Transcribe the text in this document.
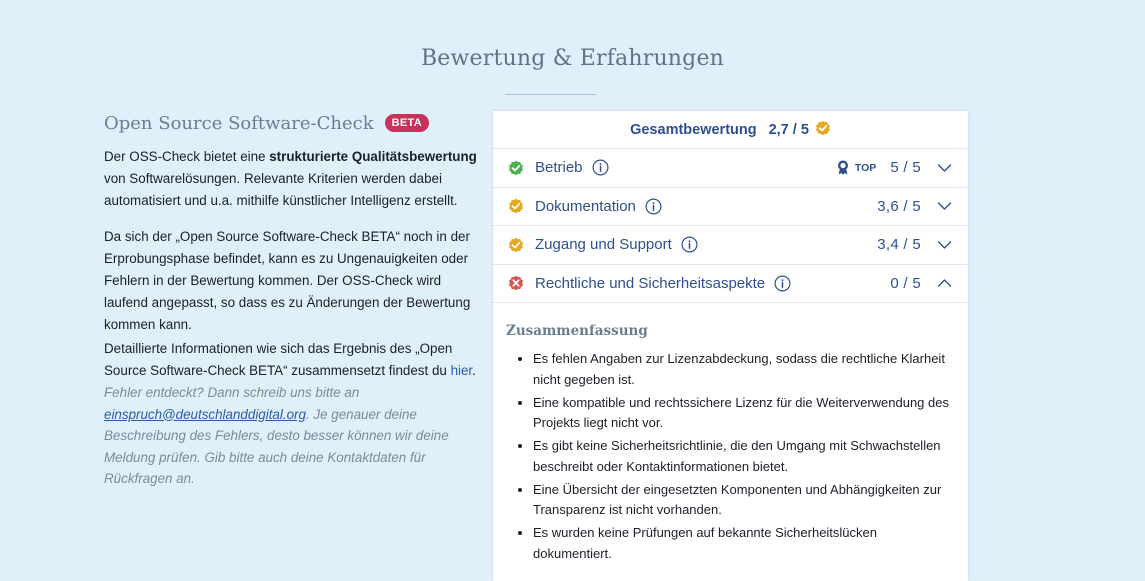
Bewertung & Erfahrungen
Open Source Software-Check	BETA

Der OSS-Check bietet eine strukturierte Qualitätsbewertung von Softwarelösungen. Relevante Kriterien werden dabei automatisiert und u.a. mithilfe künstlicher Intelligenz erstellt.

Da sich der „Open Source Software-Check BETA“ noch in der Erprobungsphase befindet, kann es zu Ungenauigkeiten oder Fehlern in der Bewertung kommen. Der OSS-Check wird laufend angepasst, so dass es zu Änderungen der Bewertung kommen kann.

Detaillierte Informationen wie sich das Ergebnis des „Open Source Software-Check BETA“ zusammensetzt findest du hier.

Fehler entdeckt? Dann schreib uns bitte an einspruch@deutschlanddigital.org. Je genauer deine Beschreibung des Fehlers, desto besser können wir deine Meldung prüfen. Gib bitte auch deine Kontaktdaten für Rückfragen an.

Gesamtbewertung 2,7 / 5
Betrieb	TOP 5 / 5
Dokumentation	3,6 / 5
Zugang und Support	3,4 / 5
Rechtliche und Sicherheitsaspekte	0 / 5
Zusammenfassung
• Es fehlen Angaben zur Lizenzabdeckung, sodass die rechtliche Klarheit nicht gegeben ist.
• Eine kompatible und rechtssichere Lizenz für die Weiterverwendung des Projekts liegt nicht vor.
• Es gibt keine Sicherheitsrichtlinie, die den Umgang mit Schwachstellen beschreibt oder Kontaktinformationen bietet.
• Eine Übersicht der eingesetzten Komponenten und Abhängigkeiten zur Transparenz ist nicht vorhanden.
• Es wurden keine Prüfungen auf bekannte Sicherheitslücken dokumentiert.
